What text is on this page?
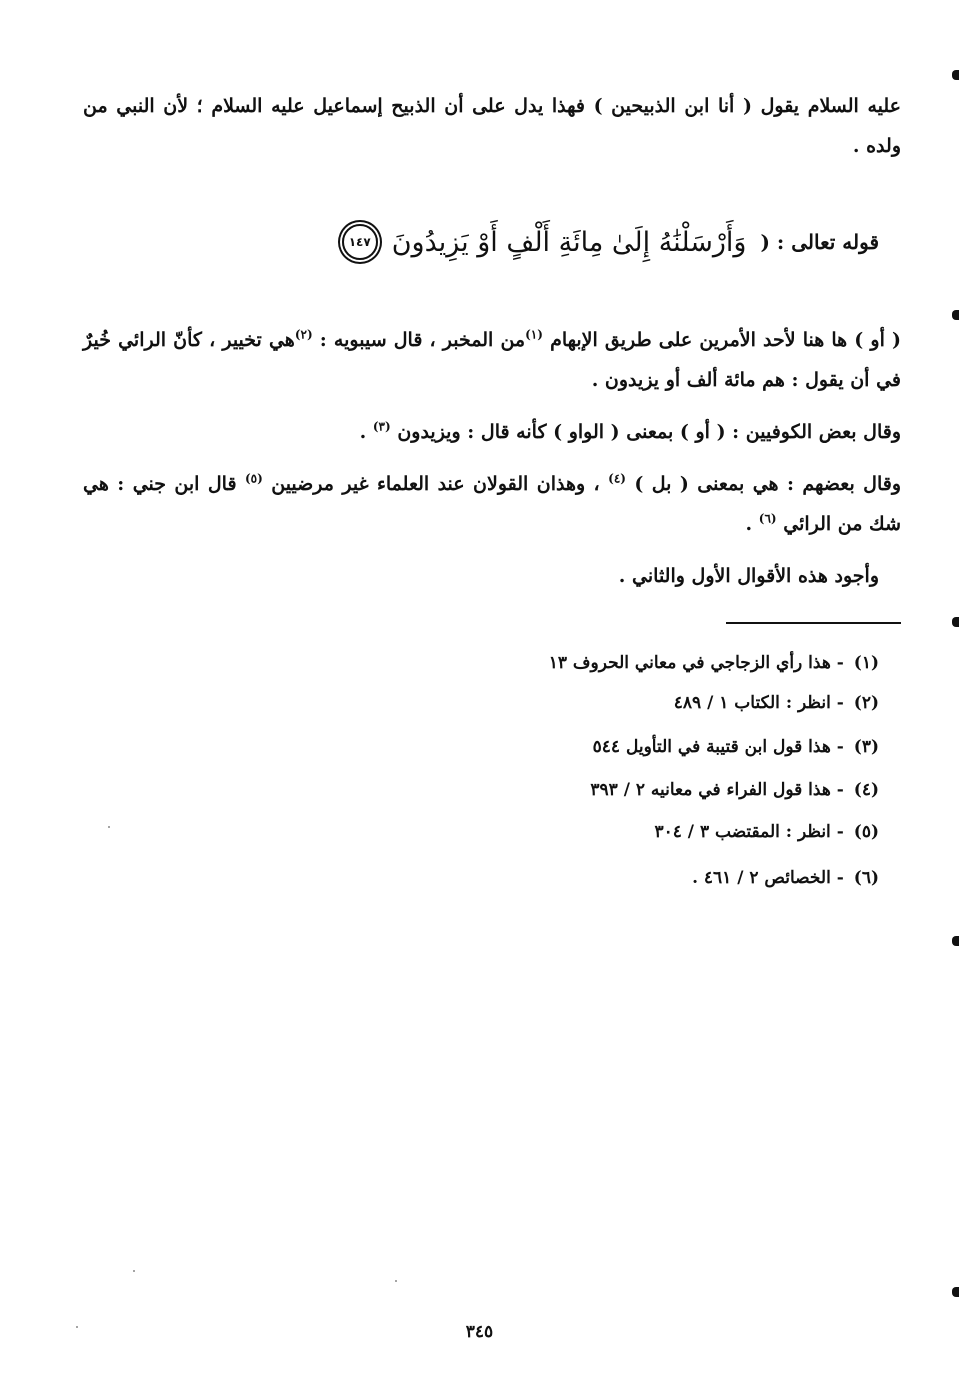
عليه السلام يقول ( أنا ابن الذبيحين ) فهذا يدل على أن الذبيح إسماعيل عليه السلام ؛ لأن النبي من ولده .
قوله تعالى : (
وَأَرْسَلْنَٰهُ إِلَىٰ مِائَةِ أَلْفٍ أَوْ يَزِيدُونَ
١٤٧
( أو ) ها هنا لأحد الأمرين على طريق الإبهام $^{(١)}$من المخبر ، قال سيبويه : $^{(٢)}$هي تخيير ، كأنّ الرائي خُيرٌ في أن يقول : هم مائة ألف أو يزيدون .
وقال بعض الكوفيين : ( أو ) بمعنى ( الواو ) كأنه قال : ويزيدون $^{(٣)}$ .
وقال بعضهم : هي بمعنى ( بل ) $^{(٤)}$ ، وهذان القولان عند العلماء غير مرضيين $^{(٥)}$ قال ابن جني : هي شك من الرائي $^{(٦)}$ .
وأجود هذه الأقوال الأول والثاني .
(١)
- هذا رأي الزجاجي في معاني الحروف ١٣
(٢)
- انظر : الكتاب ١ / ٤٨٩
(٣)
- هذا قول ابن قتيبة في التأويل ٥٤٤
(٤)
- هذا قول الفراء في معانيه ٢ / ٣٩٣
(٥)
- انظر : المقتضب ٣ / ٣٠٤
(٦)
- الخصائص ٢ / ٤٦١ .
٣٤٥
